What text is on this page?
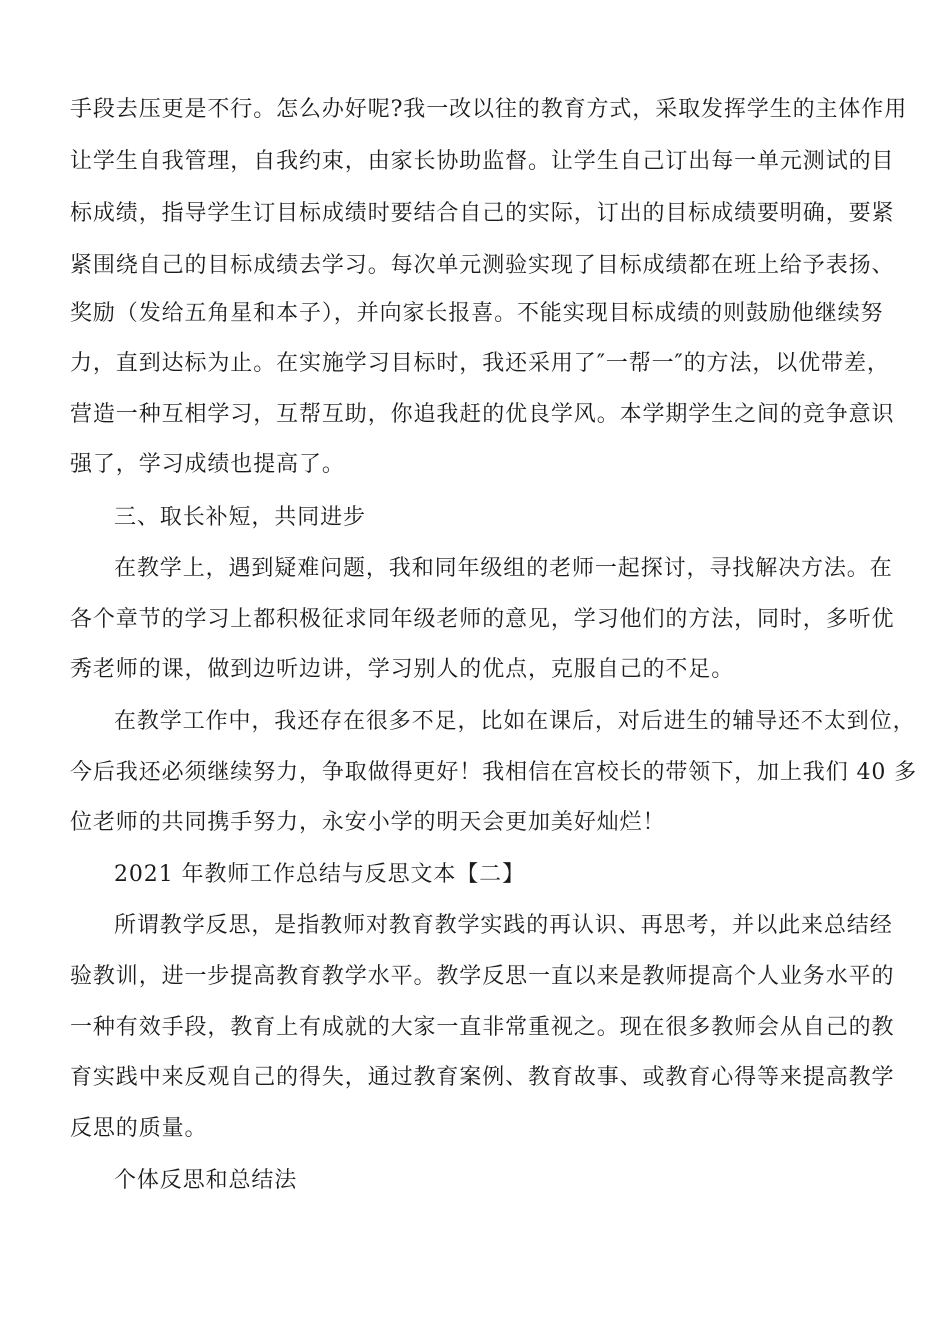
手段去压更是不行。怎么办好呢?我一改以往的教育方式，采取发挥学生的主体作用
让学生自我管理，自我约束，由家长协助监督。让学生自己订出每一单元测试的目
标成绩，指导学生订目标成绩时要结合自己的实际，订出的目标成绩要明确，要紧
紧围绕自己的目标成绩去学习。每次单元测验实现了目标成绩都在班上给予表扬、
奖励（发给五角星和本子），并向家长报喜。不能实现目标成绩的则鼓励他继续努
力，直到达标为止。在实施学习目标时，我还采用了″一帮一″的方法，以优带差，
营造一种互相学习，互帮互助，你追我赶的优良学风。本学期学生之间的竞争意识
强了，学习成绩也提高了。
三、取长补短，共同进步
在教学上，遇到疑难问题，我和同年级组的老师一起探讨，寻找解决方法。在
各个章节的学习上都积极征求同年级老师的意见，学习他们的方法，同时，多听优
秀老师的课，做到边听边讲，学习别人的优点，克服自己的不足。
在教学工作中，我还存在很多不足，比如在课后，对后进生的辅导还不太到位，
今后我还必须继续努力，争取做得更好！我相信在宫校长的带领下，加上我们 40 多
位老师的共同携手努力，永安小学的明天会更加美好灿烂！
2021 年教师工作总结与反思文本【二】
所谓教学反思，是指教师对教育教学实践的再认识、再思考，并以此来总结经
验教训，进一步提高教育教学水平。教学反思一直以来是教师提高个人业务水平的
一种有效手段，教育上有成就的大家一直非常重视之。现在很多教师会从自己的教
育实践中来反观自己的得失，通过教育案例、教育故事、或教育心得等来提高教学
反思的质量。
个体反思和总结法
